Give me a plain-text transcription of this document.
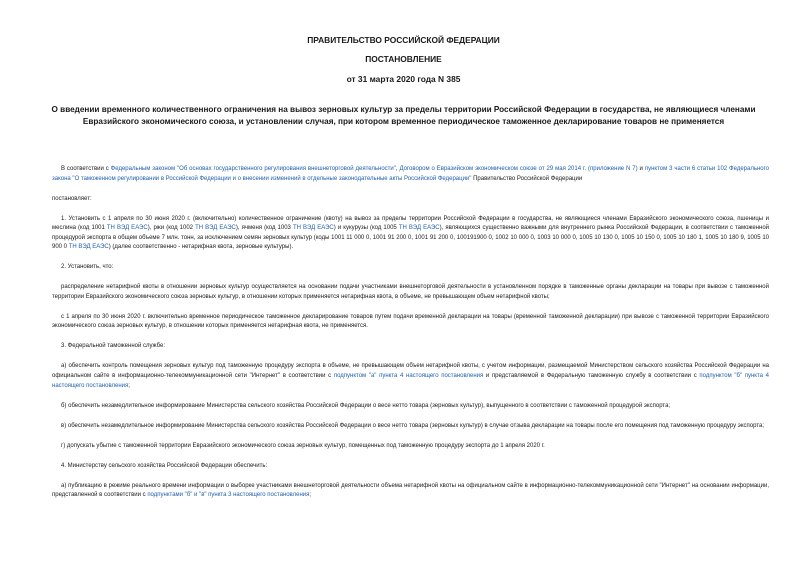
ПРАВИТЕЛЬСТВО РОССИЙСКОЙ ФЕДЕРАЦИИ
ПОСТАНОВЛЕНИЕ
от 31 марта 2020 года N 385
О введении временного количественного ограничения на вывоз зерновых культур за пределы территории Российской Федерации в государства, не являющиеся членами Евразийского экономического союза, и установлении случая, при котором временное периодическое таможенное декларирование товаров не применяется

В соответствии с Федеральным законом "Об основах государственного регулирования внешнеторговой деятельности", Договором о Евразийском экономическом союзе от 29 мая 2014 г. (приложение N 7) и пунктом 3 части 6 статьи 102 Федерального закона "О таможенном регулировании в Российской Федерации и о внесении изменений в отдельные законодательные акты Российской Федерации" Правительство Российской Федерации

постановляет:

1. Установить с 1 апреля по 30 июня 2020 г. (включительно) количественное ограничение (квоту) на вывоз за пределы территории Российской Федерации в государства, не являющиеся членами Евразийского экономического союза, пшеницы и меслина (код 1001 ТН ВЭД ЕАЭС), ржи (код 1002 ТН ВЭД ЕАЭС), ячменя (код 1003 ТН ВЭД ЕАЭС) и кукурузы (код 1005 ТН ВЭД ЕАЭС), являющихся существенно важными для внутреннего рынка Российской Федерации, в соответствии с таможенной процедурой экспорта в общем объеме 7 млн. тонн, за исключением семян зерновых культур (коды 1001 11 000 0, 1001 91 200 0, 1001 91 200 0, 100191900 0, 1002 10 000 0, 1003 10 000 0, 1005 10 130 0, 1005 10 150 0, 1005 10 180 1, 1005 10 180 9, 1005 10 900 0 ТН ВЭД ЕАЭС) (далее соответственно - нетарифная квота, зерновые культуры).

2. Установить, что:

распределение нетарифной квоты в отношении зерновых культур осуществляется на основании подачи участниками внешнеторговой деятельности в установленном порядке в таможенные органы декларации на товары при вывозе с таможенной территории Евразийского экономического союза зерновых культур, в отношении которых применяется нетарифная квота, в объеме, не превышающем объем нетарифной квоты;

с 1 апреля по 30 июня 2020 г. включительно временное периодическое таможенное декларирование товаров путем подачи временной декларации на товары (временной таможенной декларации) при вывозе с таможенной территории Евразийского экономического союза зерновых культур, в отношении которых применяется нетарифная квота, не применяется.

3. Федеральной таможенной службе:

а) обеспечить контроль помещения зерновых культур под таможенную процедуру экспорта в объеме, не превышающем объем нетарифной квоты, с учетом информации, размещаемой Министерством сельского хозяйства Российской Федерации на официальном сайте в информационно-телекоммуникационной сети "Интернет" в соответствии с подпунктом "а" пункта 4 настоящего постановления и представляемой в Федеральную таможенную службу в соответствии с подпунктом "б" пункта 4 настоящего постановления;

б) обеспечить незамедлительное информирование Министерства сельского хозяйства Российской Федерации о весе нетто товара (зерновых культур), выпущенного в соответствии с таможенной процедурой экспорта;

в) обеспечить незамедлительное информирование Министерства сельского хозяйства Российской Федерации о весе нетто товара (зерновых культур) в случае отзыва декларации на товары после его помещения под таможенную процедуру экспорта;

г) допускать убытие с таможенной территории Евразийского экономического союза зерновых культур, помещенных под таможенную процедуру экспорта до 1 апреля 2020 г.

4. Министерству сельского хозяйства Российской Федерации обеспечить:

а) публикацию в режиме реального времени информации о выборке участниками внешнеторговой деятельности объема нетарифной квоты на официальном сайте в информационно-телекоммуникационной сети "Интернет" на основании информации, представленной в соответствии с подпунктами "б" и "в" пункта 3 настоящего постановления;
